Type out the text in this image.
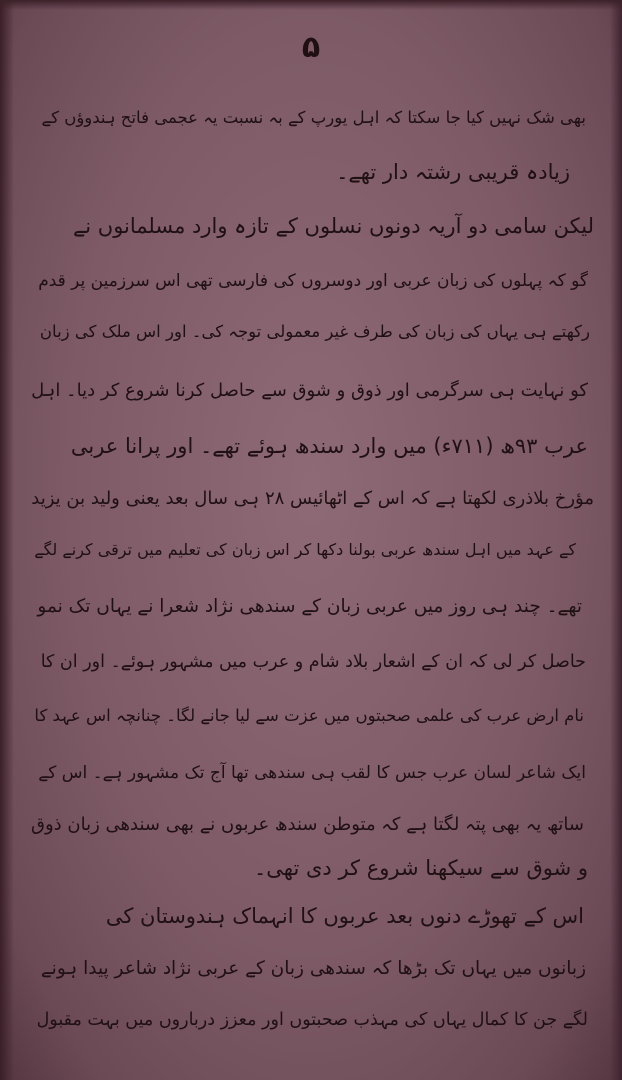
۵
بھی شک نہیں کیا جا سکتا کہ اہل یورپ کے بہ نسبت یہ عجمی فاتح ہندوؤں کے
زیادہ قریبی رشتہ دار تھے۔
لیکن سامی دو آریہ دونوں نسلوں کے تازہ وارد مسلمانوں نے
گو کہ پہلوں کی زبان عربی اور دوسروں کی فارسی تھی اس سرزمین پر قدم
رکھتے ہی یہاں کی زبان کی طرف غیر معمولی توجہ کی۔ اور اس ملک کی زبان
کو نہایت ہی سرگرمی اور ذوق و شوق سے حاصل کرنا شروع کر دیا۔ اہل
عرب ۹۳ھ (۷۱۱ء) میں وارد سندھ ہوئے تھے۔ اور پرانا عربی
مؤرخ بلاذری لکھتا ہے کہ اس کے اٹھائیس ۲۸ ہی سال بعد یعنی ولید بن یزید
کے عہد میں اہل سندھ عربی بولنا دکھا کر اس زبان کی تعلیم میں ترقی کرنے لگے
تھے۔ چند ہی روز میں عربی زبان کے سندھی نژاد شعرا نے یہاں تک نمو
حاصل کر لی کہ ان کے اشعار بلاد شام و عرب میں مشہور ہوئے۔ اور ان کا
نام ارض عرب کی علمی صحبتوں میں عزت سے لیا جانے لگا۔ چنانچہ اس عہد کا
ایک شاعر لسان عرب جس کا لقب ہی سندھی تھا آج تک مشہور ہے۔ اس کے
ساتھ یہ بھی پتہ لگتا ہے کہ متوطن سندھ عربوں نے بھی سندھی زبان ذوق
و شوق سے سیکھنا شروع کر دی تھی۔
اس کے تھوڑے دنوں بعد عربوں کا انہماک ہندوستان کی
زبانوں میں یہاں تک بڑھا کہ سندھی زبان کے عربی نژاد شاعر پیدا ہونے
لگے جن کا کمال یہاں کی مہذب صحبتوں اور معزز درباروں میں بہت مقبول
